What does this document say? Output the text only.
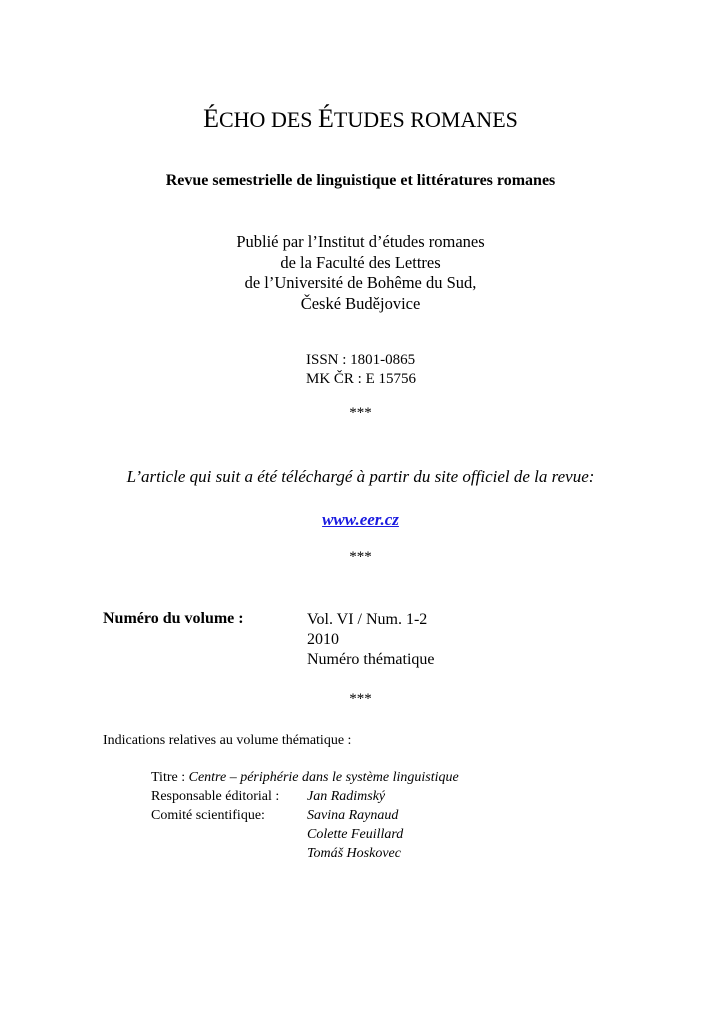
ÉCHO DES ÉTUDES ROMANES
Revue semestrielle de linguistique et littératures romanes
Publié par l’Institut d’études romanes
de la Faculté des Lettres
de l’Université de Bohême du Sud,
České Budějovice
ISSN : 1801-0865
MK ČR : E 15756
***
L’article qui suit a été téléchargé à partir du site officiel de la revue:
www.eer.cz
***
Numéro du volume :	Vol. VI / Num. 1-2
2010
Numéro thématique
***
Indications relatives au volume thématique :
Titre : Centre – périphérie dans le système linguistique
Responsable éditorial : Jan Radimský
Comité scientifique:	Savina Raynaud
Colette Feuillard
Tomáš Hoskovec
